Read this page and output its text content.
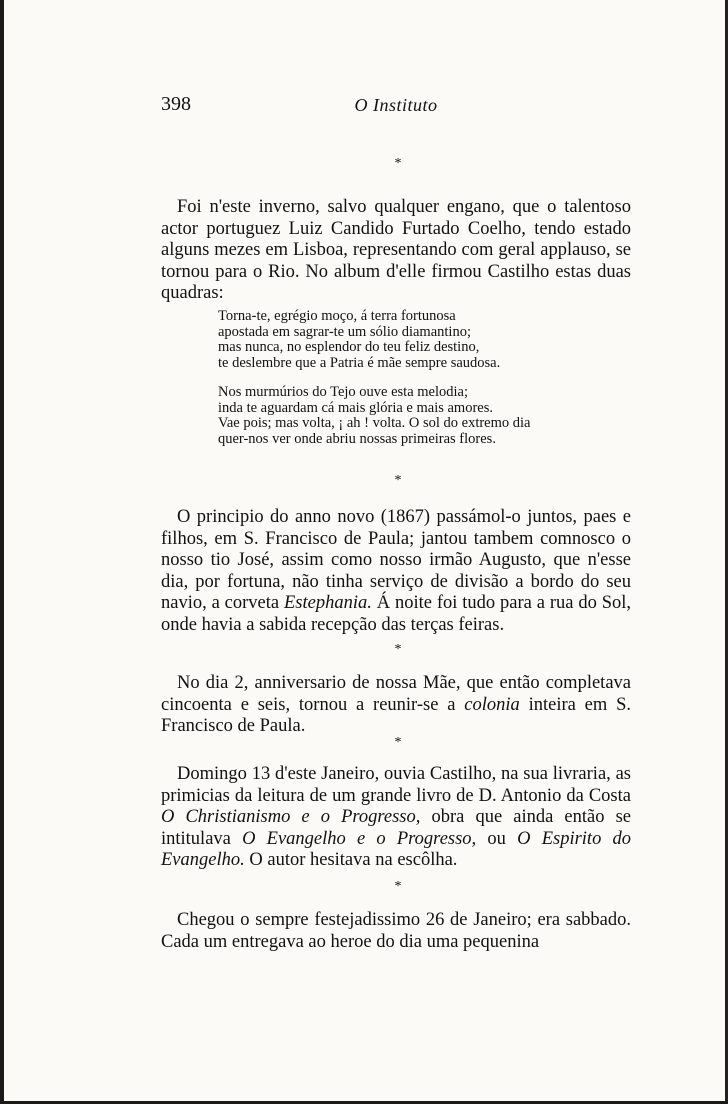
398	O Instituto
*

Foi n'este inverno, salvo qualquer engano, que o talentoso actor portuguez Luiz Candido Furtado Coelho, tendo estado alguns mezes em Lisboa, representando com geral applauso, se tornou para o Rio. No album d'elle firmou Castilho estas duas quadras:

Torna-te, egrégio moço, á terra fortunosa
apostada em sagrar-te um sólio diamantino;
mas nunca, no esplendor do teu feliz destino,
te deslembre que a Patria é mãe sempre saudosa.
Nos murmúrios do Tejo ouve esta melodia;
inda te aguardam cá mais glória e mais amores.
Vae pois; mas volta, ¡ ah ! volta. O sol do extremo dia
quer-nos ver onde abriu nossas primeiras flores.
*

O principio do anno novo (1867) passámol-o juntos, paes e filhos, em S. Francisco de Paula; jantou tambem comnosco o nosso tio José, assim como nosso irmão Augusto, que n'esse dia, por fortuna, não tinha serviço de divisão a bordo do seu navio, a corveta Estephania. Á noite foi tudo para a rua do Sol, onde havia a sabida recepção das terças feiras.

*

No dia 2, anniversario de nossa Mãe, que então completava cincoenta e seis, tornou a reunir-se a colonia inteira em S. Francisco de Paula.

*

Domingo 13 d'este Janeiro, ouvia Castilho, na sua livraria, as primicias da leitura de um grande livro de D. Antonio da Costa O Christianismo e o Progresso, obra que ainda então se intitulava O Evangelho e o Progresso, ou O Espirito do Evangelho. O autor hesitava na escôlha.

*

Chegou o sempre festejadissimo 26 de Janeiro; era sabbado. Cada um entregava ao heroe do dia uma pequenina
